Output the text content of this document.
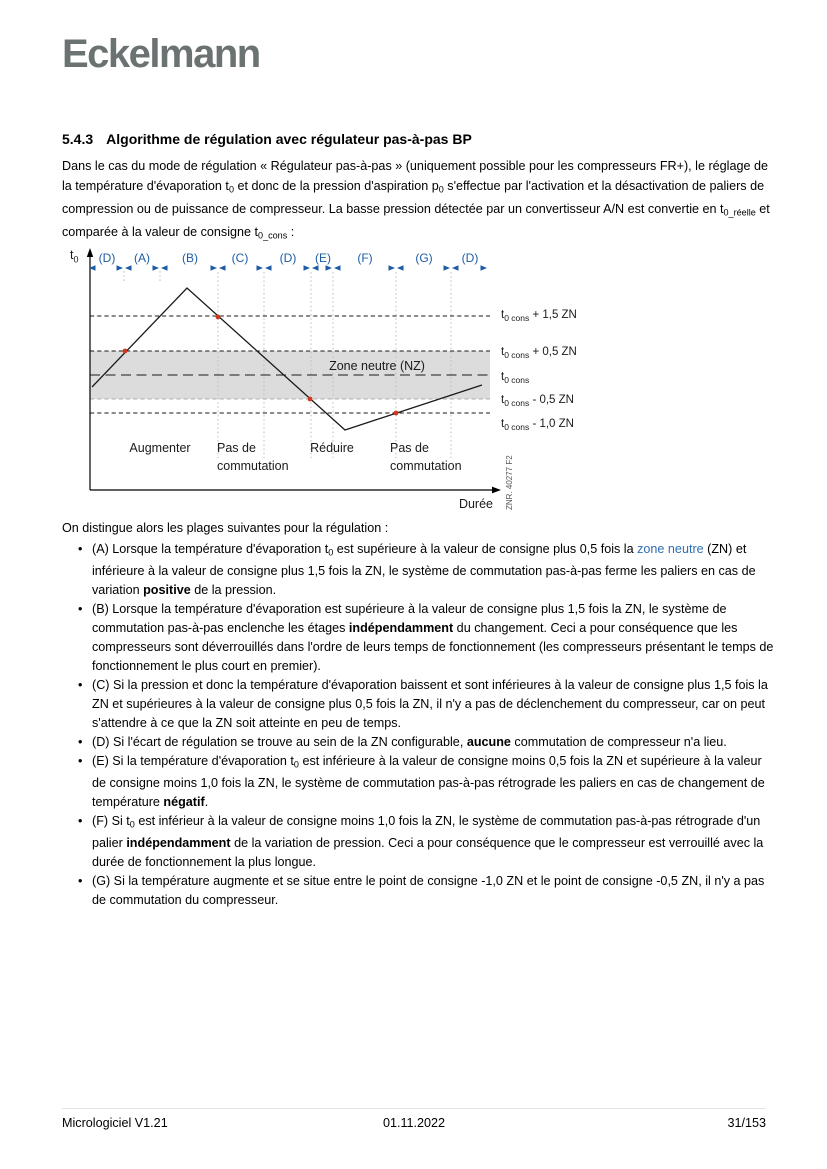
Eckelmann
5.4.3 Algorithme de régulation avec régulateur pas-à-pas BP

Dans le cas du mode de régulation « Régulateur pas-à-pas » (uniquement possible pour les compresseurs FR+), le réglage de la température d'évaporation $t_0$ et donc de la pression d'aspiration $p_0$ s'effectue par l'activation et la désactivation de paliers de compression ou de puissance de compresseur. La basse pression détectée par un convertisseur A/N est convertie en $t_{0\_réelle}$ et comparée à la valeur de consigne $t_{0\_cons}$ :

$t_{0 cons} + 1,5$ ZN
$t_{0 cons} + 0,5$ ZN
$t_{0 cons}$
$t_{0 cons} - 0,5$ ZN
$t_{0 cons} - 1,0$ ZN
Zone neutre (NZ)
$t_0$
Durée
(D) (A)	(B)	(C)	(D) (E) (F)	(G) (D)
Augmenter Pas de
commutation
Réduire	Pas de
commutation	ZNR. 40277 F2

On distingue alors les plages suivantes pour la régulation :

• (A) Lorsque la température d'évaporation $t_0$ est supérieure à la valeur de consigne plus 0,5 fois la zone neutre (ZN) et inférieure à la valeur de consigne plus 1,5 fois la ZN, le système de commutation pas-à-pas ferme les paliers en cas de variation positive de la pression.
• (B) Lorsque la température d'évaporation est supérieure à la valeur de consigne plus 1,5 fois la ZN, le système de commutation pas-à-pas enclenche les étages indépendamment du changement. Ceci a pour conséquence que les compresseurs sont déverrouillés dans l'ordre de leurs temps de fonctionnement (les compresseurs présentant le temps de fonctionnement le plus court en premier).
• (C) Si la pression et donc la température d'évaporation baissent et sont inférieures à la valeur de consigne plus 1,5 fois la ZN et supérieures à la valeur de consigne plus 0,5 fois la ZN, il n'y a pas de déclenchement du compresseur, car on peut s'attendre à ce que la ZN soit atteinte en peu de temps.
• (D) Si l'écart de régulation se trouve au sein de la ZN configurable, aucune commutation de compresseur n'a lieu.
• (E) Si la température d'évaporation $t_0$ est inférieure à la valeur de consigne moins 0,5 fois la ZN et supérieure à la valeur de consigne moins 1,0 fois la ZN, le système de commutation pas-à-pas rétrograde les paliers en cas de changement de température négatif.
• (F) Si $t_0$ est inférieur à la valeur de consigne moins 1,0 fois la ZN, le système de commutation pas-à-pas rétrograde d'un palier indépendamment de la variation de pression. Ceci a pour conséquence que le compresseur est verrouillé avec la durée de fonctionnement la plus longue.
• (G) Si la température augmente et se situe entre le point de consigne -1,0 ZN et le point de consigne -0,5 ZN, il n'y a pas de commutation du compresseur.
Micrologiciel V1.21	01.11.2022	31/153
